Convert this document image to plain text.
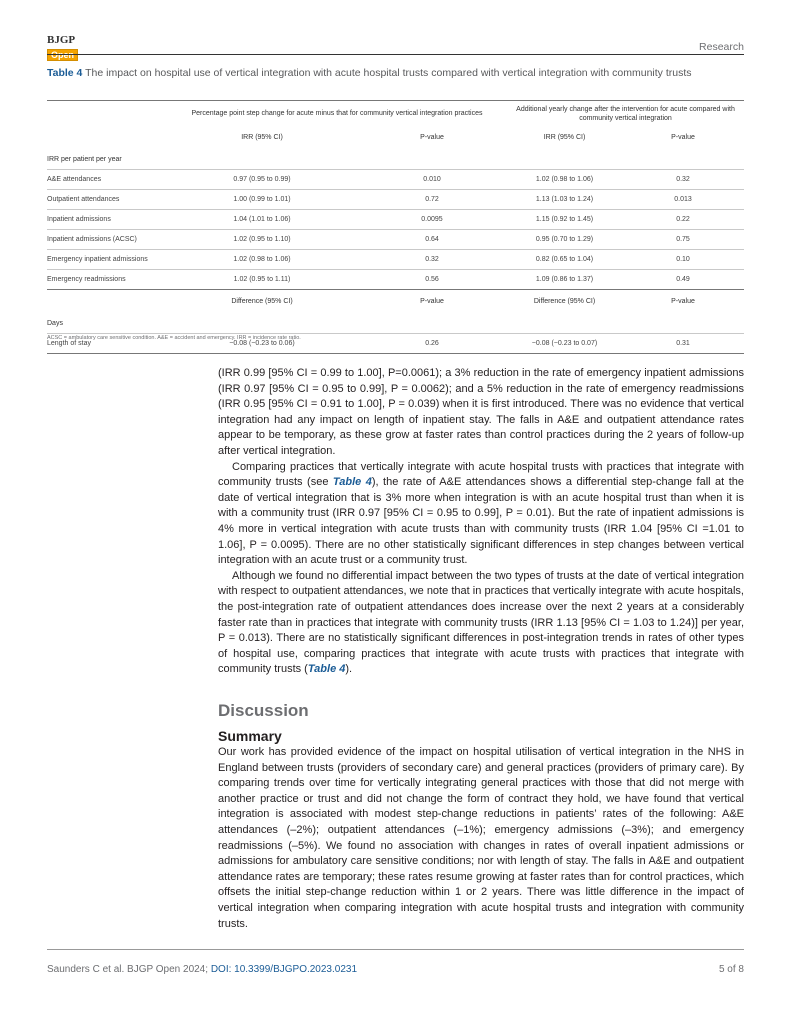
BJGP
Open
Research
Table 4 The impact on hospital use of vertical integration with acute hospital trusts compared with vertical integration with community trusts
	Percentage point step change for acute minus that for community vertical integration practices		Additional yearly change after the intervention for acute compared with community vertical integration	
	IRR (95% CI)	P-value	IRR (95% CI)	P-value
IRR per patient per year				
A&E attendances	0.97 (0.95 to 0.99)	0.010	1.02 (0.98 to 1.06)	0.32
Outpatient attendances	1.00 (0.99 to 1.01)	0.72	1.13 (1.03 to 1.24)	0.013
Inpatient admissions	1.04 (1.01 to 1.06)	0.0095	1.15 (0.92 to 1.45)	0.22
Inpatient admissions (ACSC)	1.02 (0.95 to 1.10)	0.64	0.95 (0.70 to 1.29)	0.75
Emergency inpatient admissions	1.02 (0.98 to 1.06)	0.32	0.82 (0.65 to 1.04)	0.10
Emergency readmissions	1.02 (0.95 to 1.11)	0.56	1.09 (0.86 to 1.37)	0.49
	Difference (95% CI)	P-value	Difference (95% CI)	P-value
Days				
Length of stay	−0.08 (−0.23 to 0.06)	0.26	−0.08 (−0.23 to 0.07)	0.31
ACSC = ambulatory care sensitive condition. A&E = accident and emergency. IRR = incidence rate ratio.

(IRR 0.99 [95% CI = 0.99 to 1.00], P=0.0061); a 3% reduction in the rate of emergency inpatient admissions (IRR 0.97 [95% CI = 0.95 to 0.99], P = 0.0062); and a 5% reduction in the rate of emergency readmissions (IRR 0.95 [95% CI = 0.91 to 1.00], P = 0.039) when it is first introduced. There was no evidence that vertical integration had any impact on length of inpatient stay. The falls in A&E and outpatient attendance rates appear to be temporary, as these grow at faster rates than control practices during the 2 years of follow-up after vertical integration.

Comparing practices that vertically integrate with acute hospital trusts with practices that integrate with community trusts (see Table 4), the rate of A&E attendances shows a differential step-change fall at the date of vertical integration that is 3% more when integration is with an acute hospital trust than when it is with a community trust (IRR 0.97 [95% CI = 0.95 to 0.99], P = 0.01). But the rate of inpatient admissions is 4% more in vertical integration with acute trusts than with community trusts (IRR 1.04 [95% CI =1.01 to 1.06], P = 0.0095). There are no other statistically significant differences in step changes between vertical integration with an acute trust or a community trust.

Although we found no differential impact between the two types of trusts at the date of vertical integration with respect to outpatient attendances, we note that in practices that vertically integrate with acute hospitals, the post-integration rate of outpatient attendances does increase over the next 2 years at a considerably faster rate than in practices that integrate with community trusts (IRR 1.13 [95% CI = 1.03 to 1.24)] per year, P = 0.013). There are no statistically significant differences in post-integration trends in rates of other types of hospital use, comparing practices that integrate with acute trusts with practices that integrate with community trusts (Table 4).

Discussion
Summary

Our work has provided evidence of the impact on hospital utilisation of vertical integration in the NHS in England between trusts (providers of secondary care) and general practices (providers of primary care). By comparing trends over time for vertically integrating general practices with those that did not merge with another practice or trust and did not change the form of contract they hold, we have found that vertical integration is associated with modest step-change reductions in patients’ rates of the following: A&E attendances (–2%); outpatient attendances (–1%); emergency admissions (–3%); and emergency readmissions (–5%). We found no association with changes in rates of overall inpatient admissions or admissions for ambulatory care sensitive conditions; nor with length of stay. The falls in A&E and outpatient attendance rates are temporary; these rates resume growing at faster rates than for control practices, which offsets the initial step-change reduction within 1 or 2 years. There was little difference in the impact of vertical integration when comparing integration with acute hospital trusts and integration with community trusts.

Saunders C et al. BJGP Open 2024; DOI: 10.3399/BJGPO.2023.0231	5 of 8
